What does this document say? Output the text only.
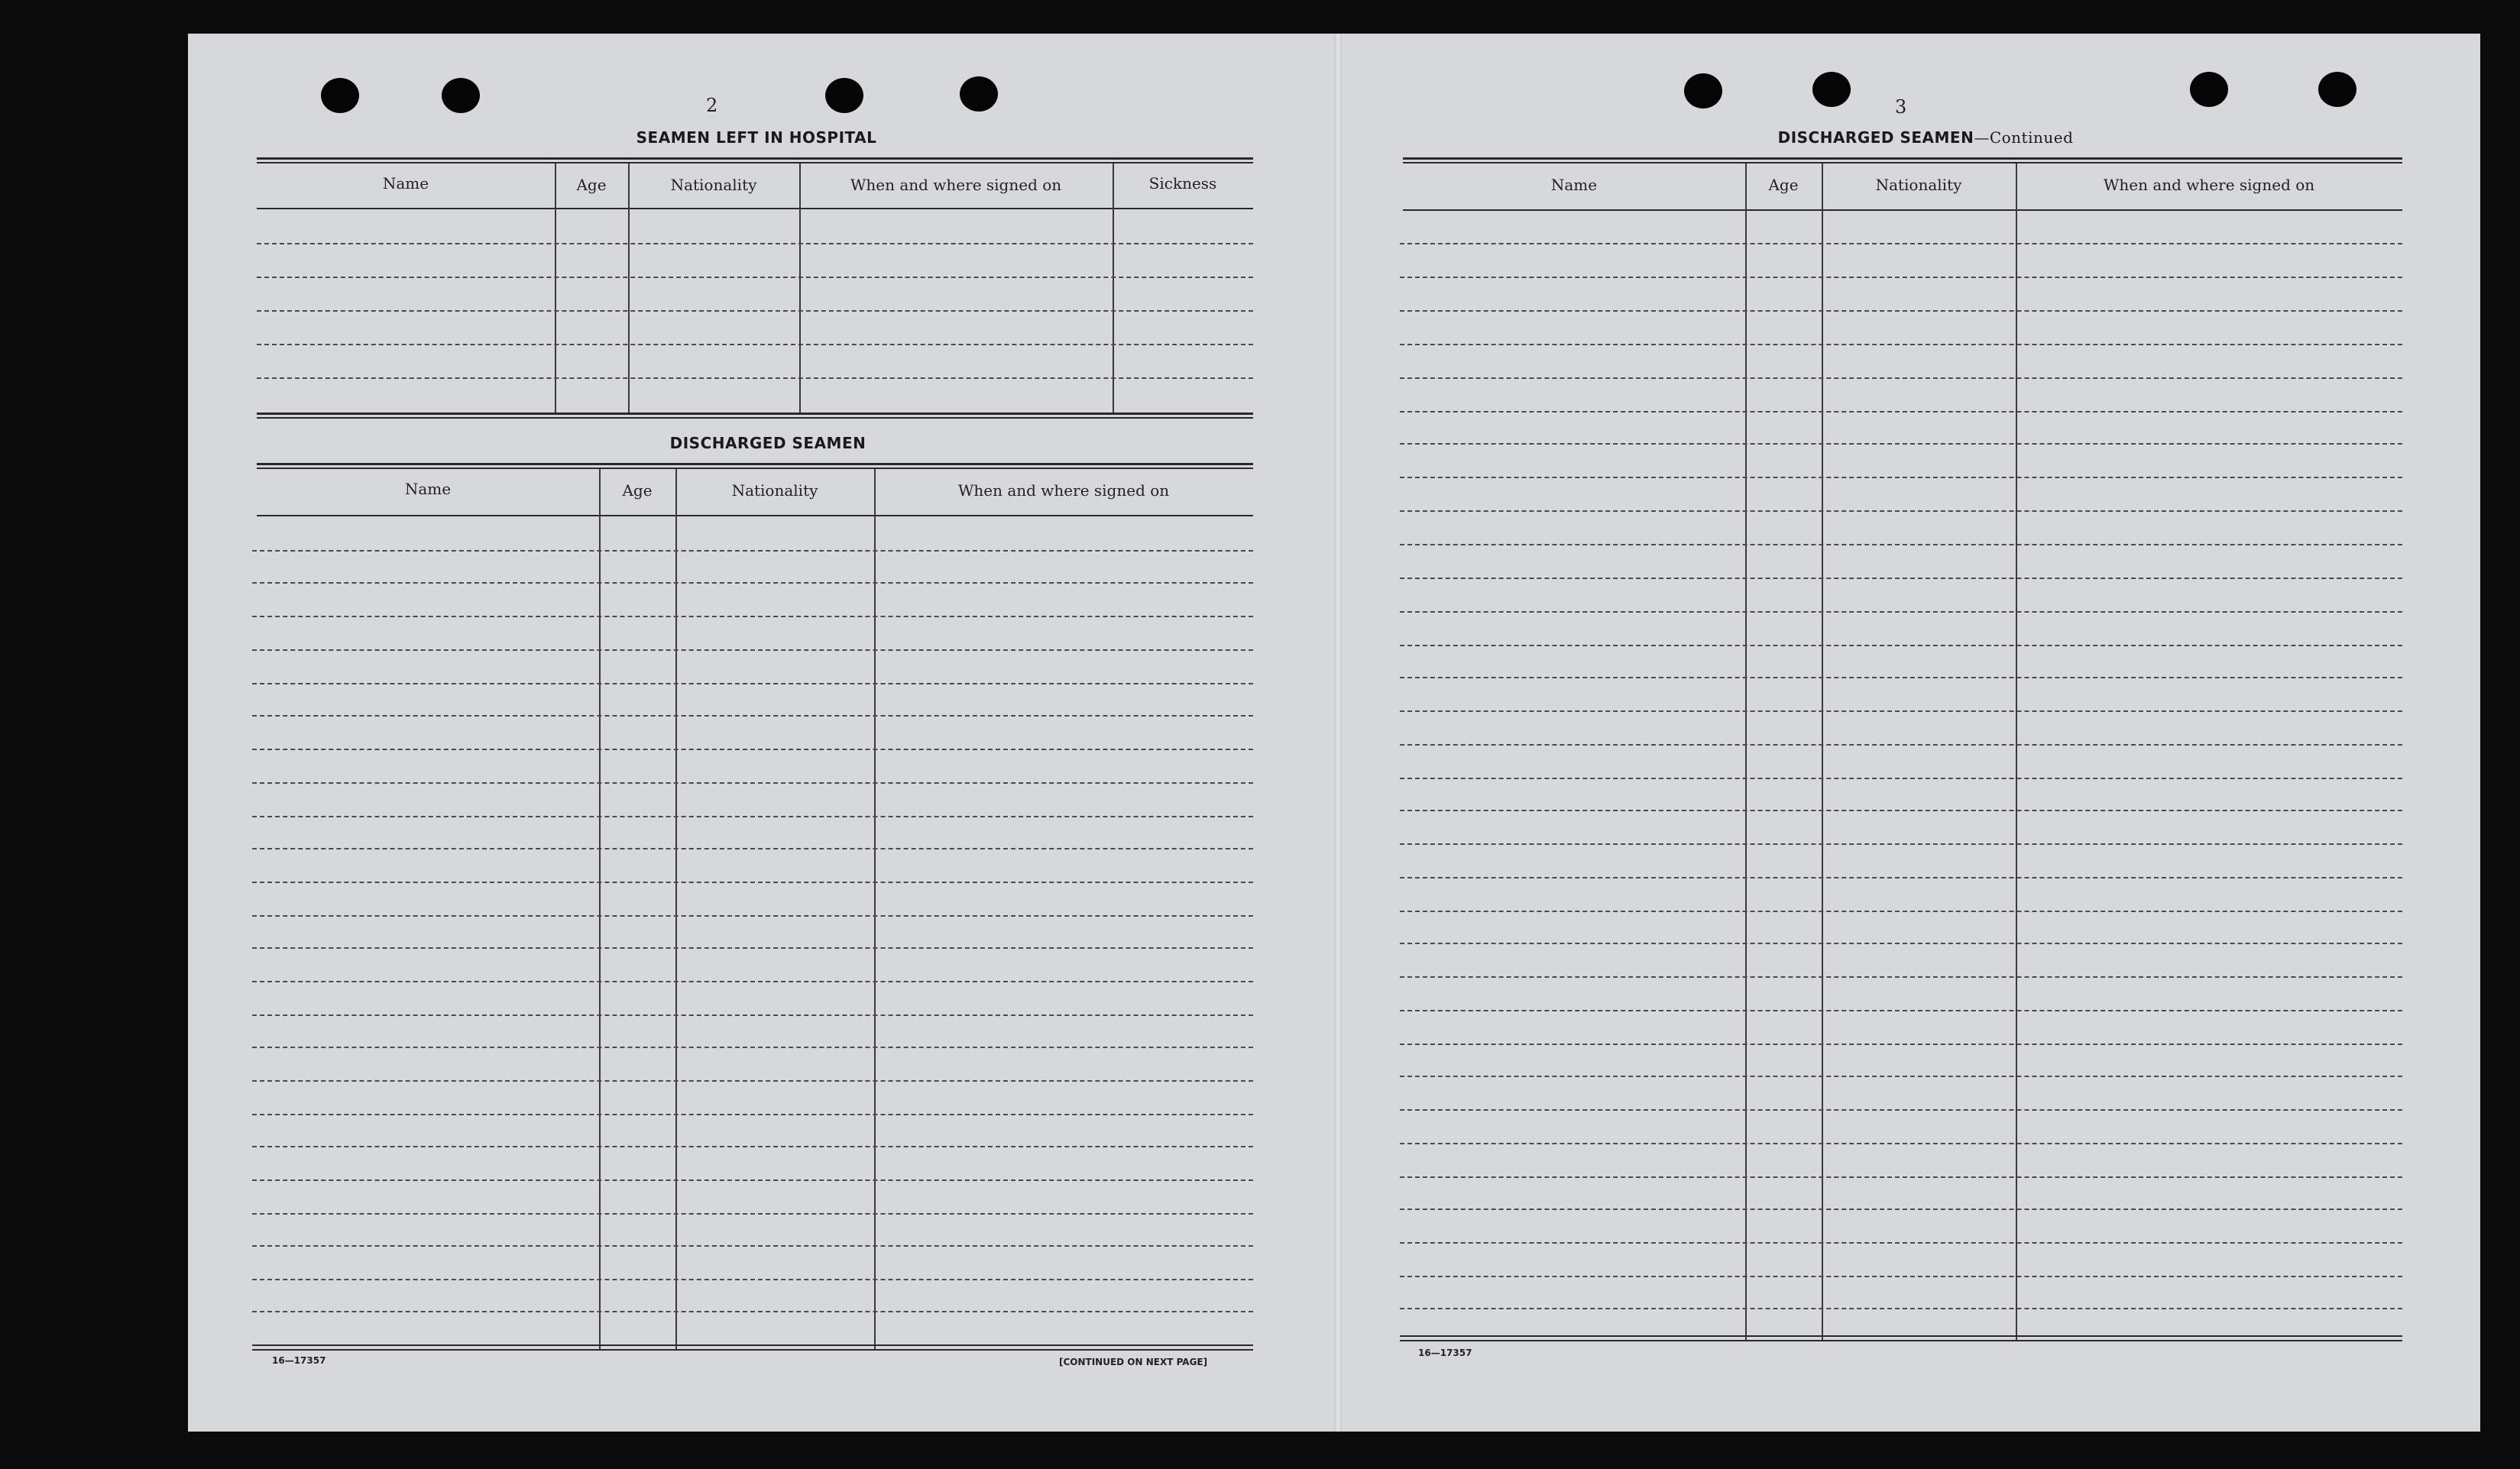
2
SEAMEN LEFT IN HOSPITAL
Name	Age	Nationality	When and where signed on	Sickness
DISCHARGED SEAMEN
Name	Age	Nationality	When and where signed on
16—17357	[CONTINUED ON NEXT PAGE]
3
DISCHARGED SEAMEN—Continued
Name	Age	Nationality	When and where signed on
16—17357
